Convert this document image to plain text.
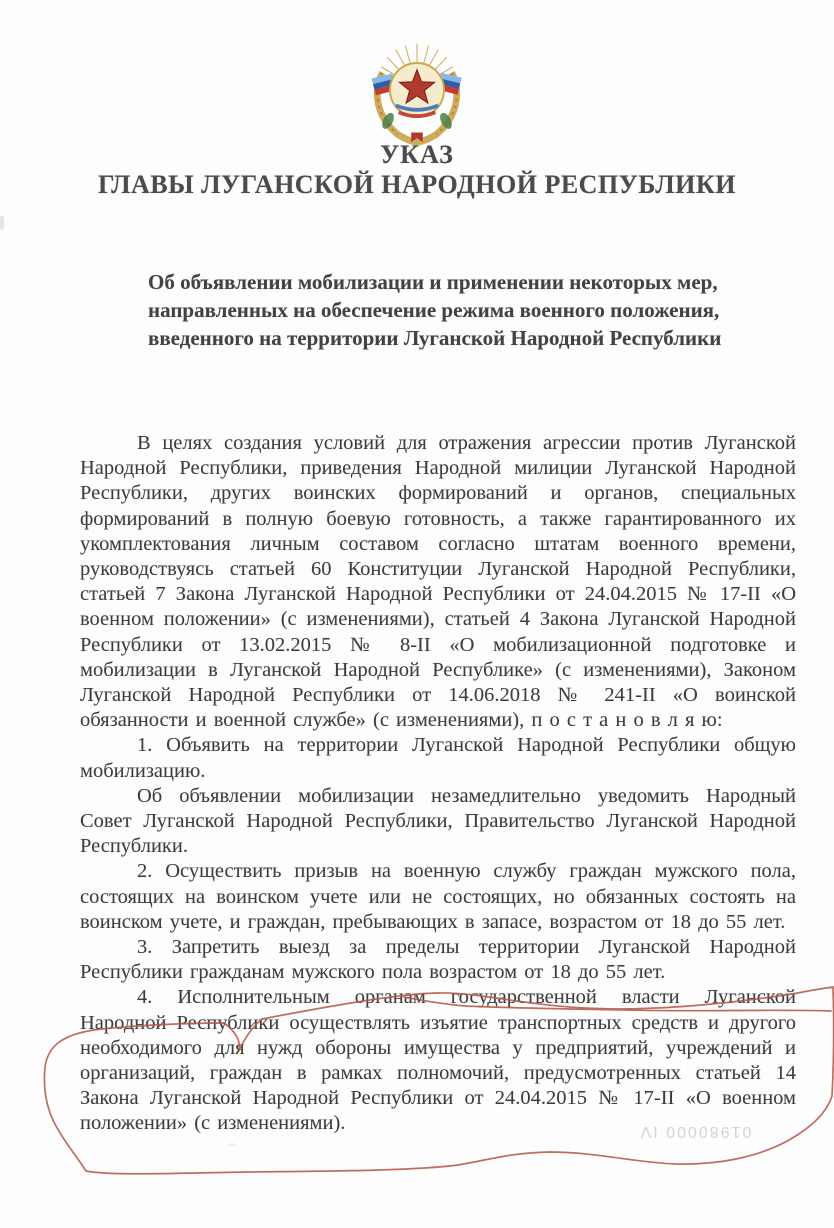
УКАЗ
ГЛАВЫ ЛУГАНСКОЙ НАРОДНОЙ РЕСПУБЛИКИ
Об объявлении мобилизации и применении некоторых мер,
направленных на обеспечение режима военного положения,
введенного на территории Луганской Народной Республики

В целях создания условий для отражения агрессии против Луганской Народной Республики, приведения Народной милиции Луганской Народной Республики, других воинских формирований и органов, специальных формирований в полную боевую готовность, а также гарантированного их укомплектования личным составом согласно штатам военного времени, руководствуясь статьей 60 Конституции Луганской Народной Республики, статьей 7 Закона Луганской Народной Республики от 24.04.2015 № 17-II «О военном положении» (с изменениями), статьей 4 Закона Луганской Народной Республики от 13.02.2015 № 8-II «О мобилизационной подготовке и мобилизации в Луганской Народной Республике» (с изменениями), Законом Луганской Народной Республики от 14.06.2018 № 241-II «О воинской обязанности и военной службе» (с изменениями), п о с т а н о в л я ю:

1. Объявить на территории Луганской Народной Республики общую мобилизацию.

Об объявлении мобилизации незамедлительно уведомить Народный Совет Луганской Народной Республики, Правительство Луганской Народной Республики.

2. Осуществить призыв на военную службу граждан мужского пола, состоящих на воинском учете или не состоящих, но обязанных состоять на воинском учете, и граждан, пребывающих в запасе, возрастом от 18 до 55 лет.

3. Запретить выезд за пределы территории Луганской Народной Республики гражданам мужского пола возрастом от 18 до 55 лет.

4. Исполнительным органам государственной власти Луганской Народной Республики осуществлять изъятие транспортных средств и другого необходимого для нужд обороны имущества у предприятий, учреждений и организаций, граждан в рамках полномочий, предусмотренных статьей 14 Закона Луганской Народной Республики от 24.04.2015 № 17-II «О военном положении» (с изменениями).	01980000 IV
